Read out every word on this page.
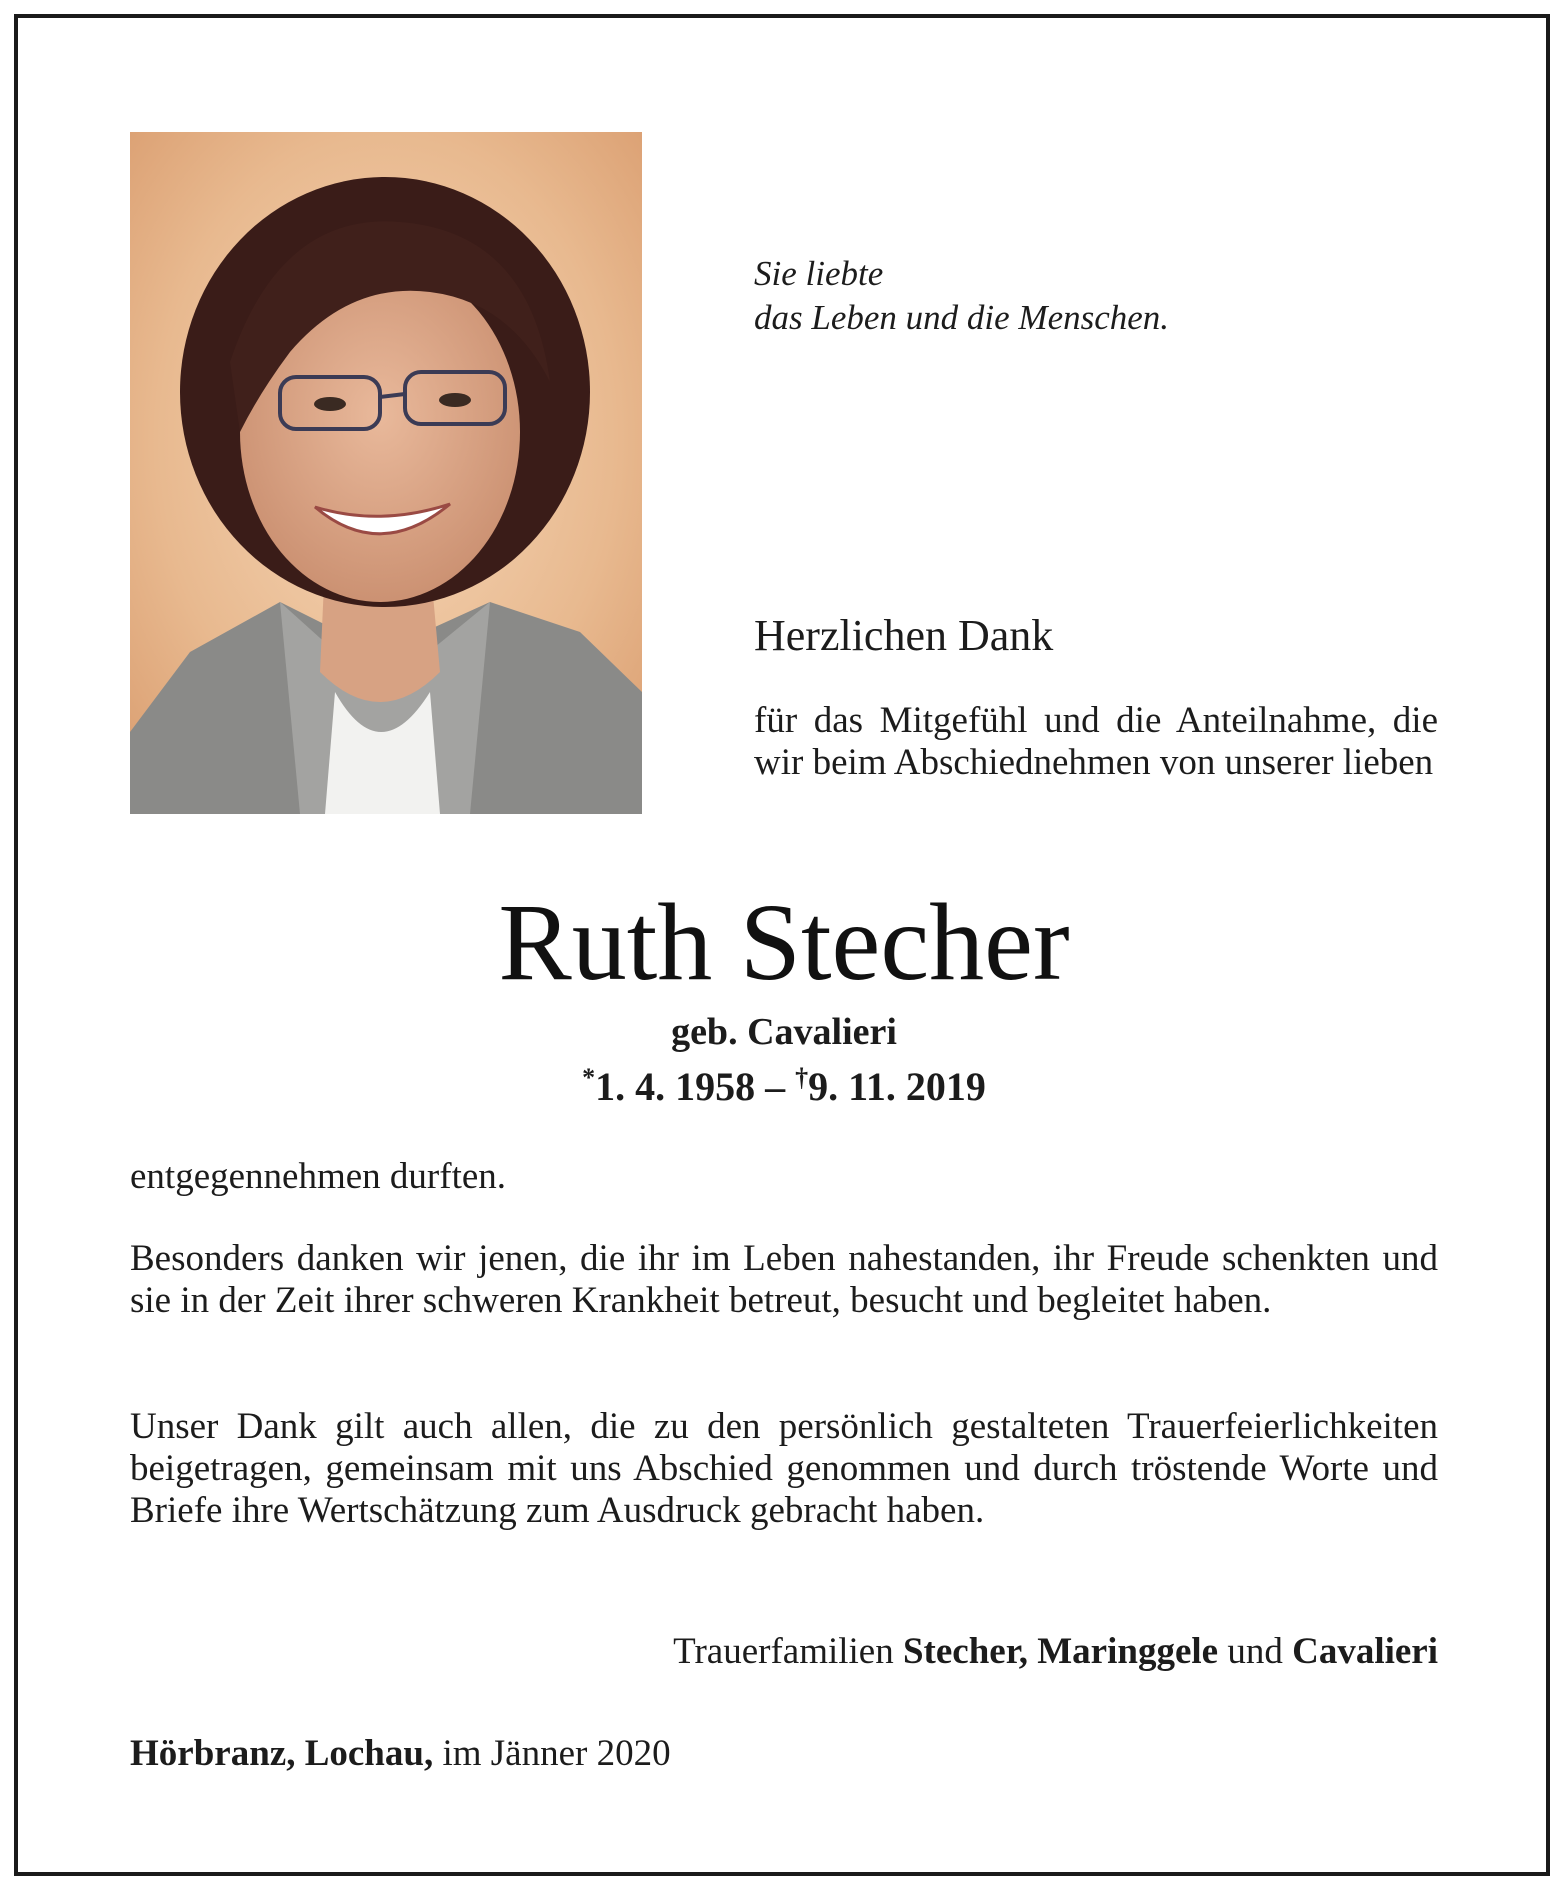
Sie liebte
das Leben und die Menschen.

Herzlichen Dank

für das Mitgefühl und die Anteilnahme, die wir beim Abschiednehmen von unserer lieben

Ruth Stecher

geb. Cavalieri

*1. 4. 1958 – †9. 11. 2019

entgegennehmen durften.

Besonders danken wir jenen, die ihr im Leben nahestanden, ihr Freude schenkten und sie in der Zeit ihrer schweren Krankheit betreut, besucht und begleitet haben.

Unser Dank gilt auch allen, die zu den persönlich gestalteten Trauerfeierlichkeiten beigetragen, gemeinsam mit uns Abschied genommen und durch tröstende Worte und Briefe ihre Wertschätzung zum Ausdruck gebracht haben.

Trauerfamilien Stecher, Maringgele und Cavalieri

Hörbranz, Lochau, im Jänner 2020
